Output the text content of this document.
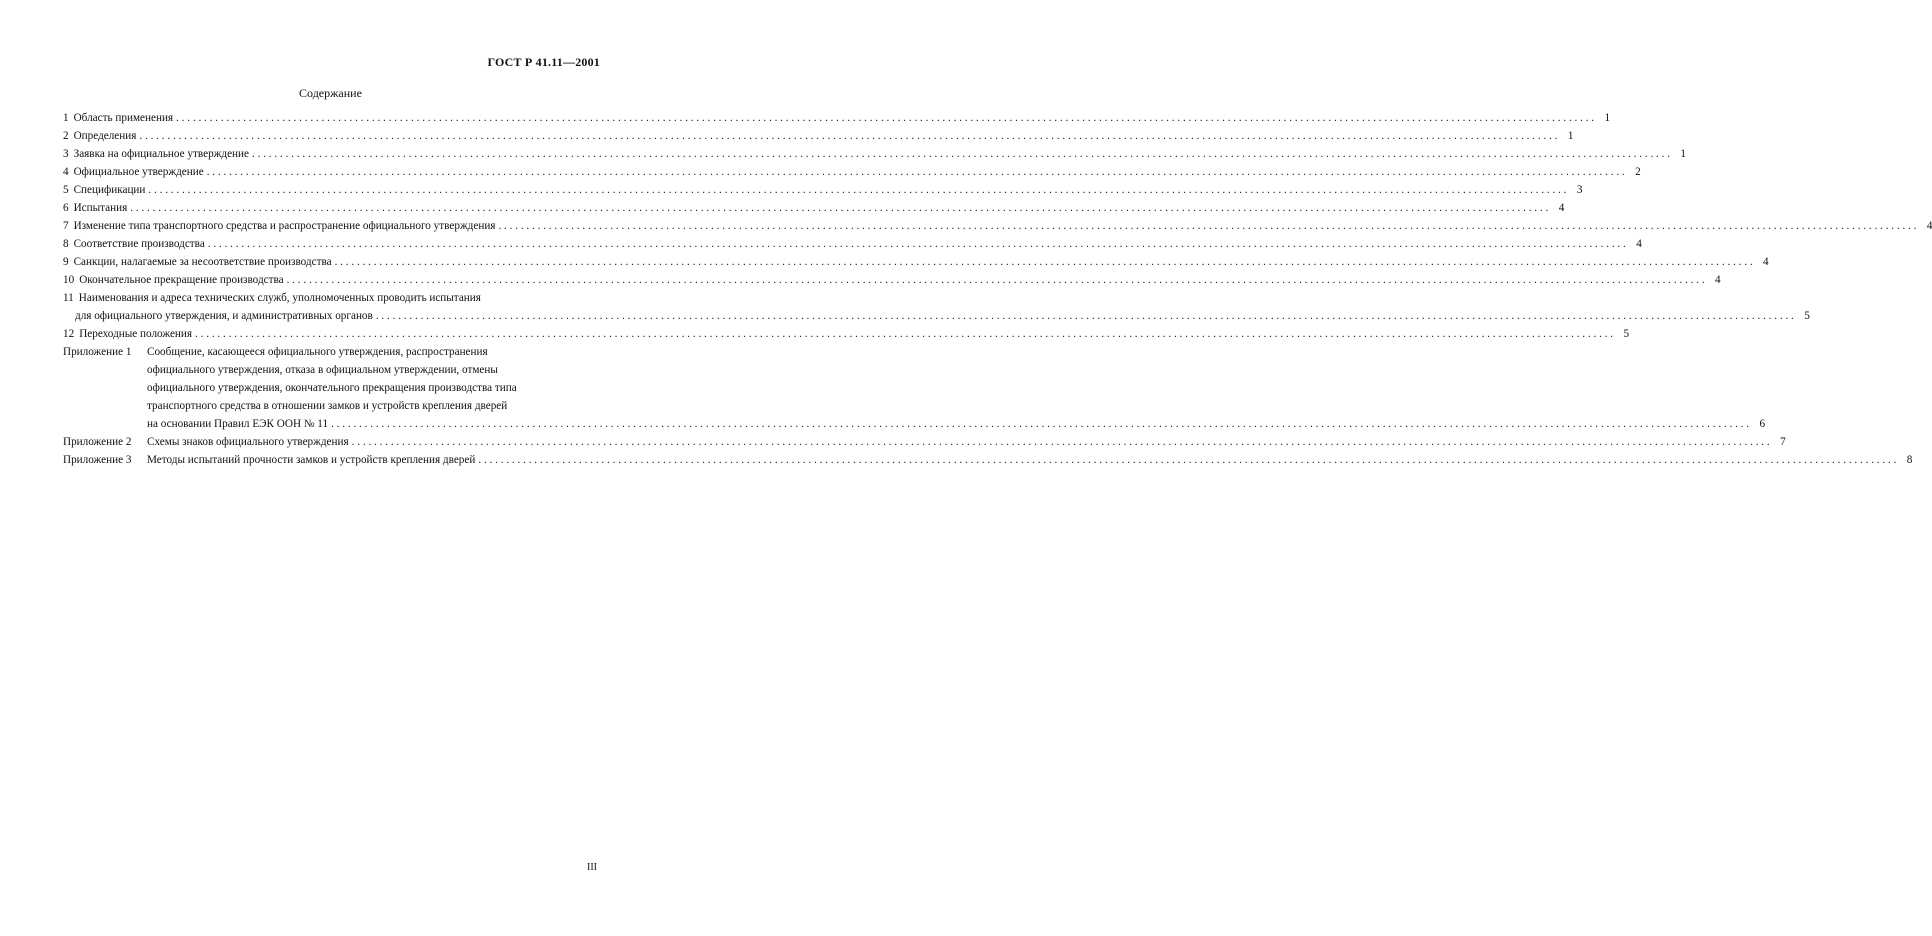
ГОСТ Р 41.11—2001
Содержание
1 Область применения . . .	1
2 Определения . . .	1
3 Заявка на официальное утверждение . . .	1
4 Официальное утверждение . . .	2
5 Спецификации . . .	3
6 Испытания . . .	4
7 Изменение типа транспортного средства и распространение официального утверждения . . .	4
8 Соответствие производства . . .	4
9 Санкции, налагаемые за несоответствие производства . . .	4
10 Окончательное прекращение производства . . .	4
11 Наименования и адреса технических служб, уполномоченных проводить испытания
для официального утверждения, и административных органов . . .	5
12 Переходные положения . . .	5
Приложение 1	Сообщение, касающееся официального утверждения, распространения
официального утверждения, отказа в официальном утверждении, отмены
официального утверждения, окончательного прекращения производства типа
транспортного средства в отношении замков и устройств крепления дверей
на основании Правил ЕЭК ООН № 11 . . .	6
Приложение 2	Схемы знаков официального утверждения . . .	7
Приложение 3	Методы испытаний прочности замков и устройств крепления дверей . . .	8
III
